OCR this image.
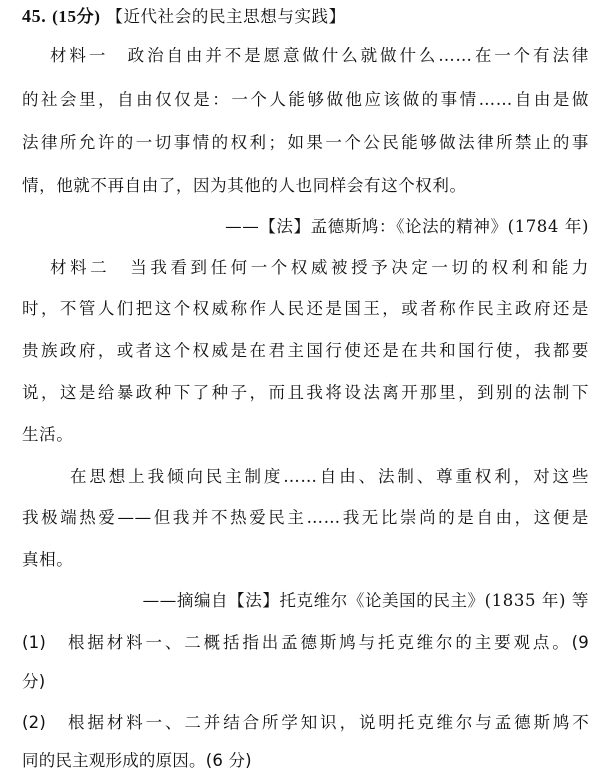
45. (15分) 【近代社会的民主思想与实践】
材料一　政治自由并不是愿意做什么就做什么……在一个有法律
的社会里，自由仅仅是：一个人能够做他应该做的事情……自由是做
法律所允许的一切事情的权利；如果一个公民能够做法律所禁止的事
情，他就不再自由了，因为其他的人也同样会有这个权利。
——【法】孟德斯鸠：《论法的精神》(1784 年)
材料二　当我看到任何一个权威被授予决定一切的权利和能力
时，不管人们把这个权威称作人民还是国王，或者称作民主政府还是
贵族政府，或者这个权威是在君主国行使还是在共和国行使，我都要
说，这是给暴政种下了种子，而且我将设法离开那里，到别的法制下
生活。
在思想上我倾向民主制度……自由、法制、尊重权利，对这些
我极端热爱——但我并不热爱民主……我无比崇尚的是自由，这便是
真相。
——摘编自【法】托克维尔《论美国的民主》(1835 年) 等
(1)　根据材料一、二概括指出孟德斯鸠与托克维尔的主要观点。(9
分)
(2)　根据材料一、二并结合所学知识，说明托克维尔与孟德斯鸠不
同的民主观形成的原因。(6 分)
